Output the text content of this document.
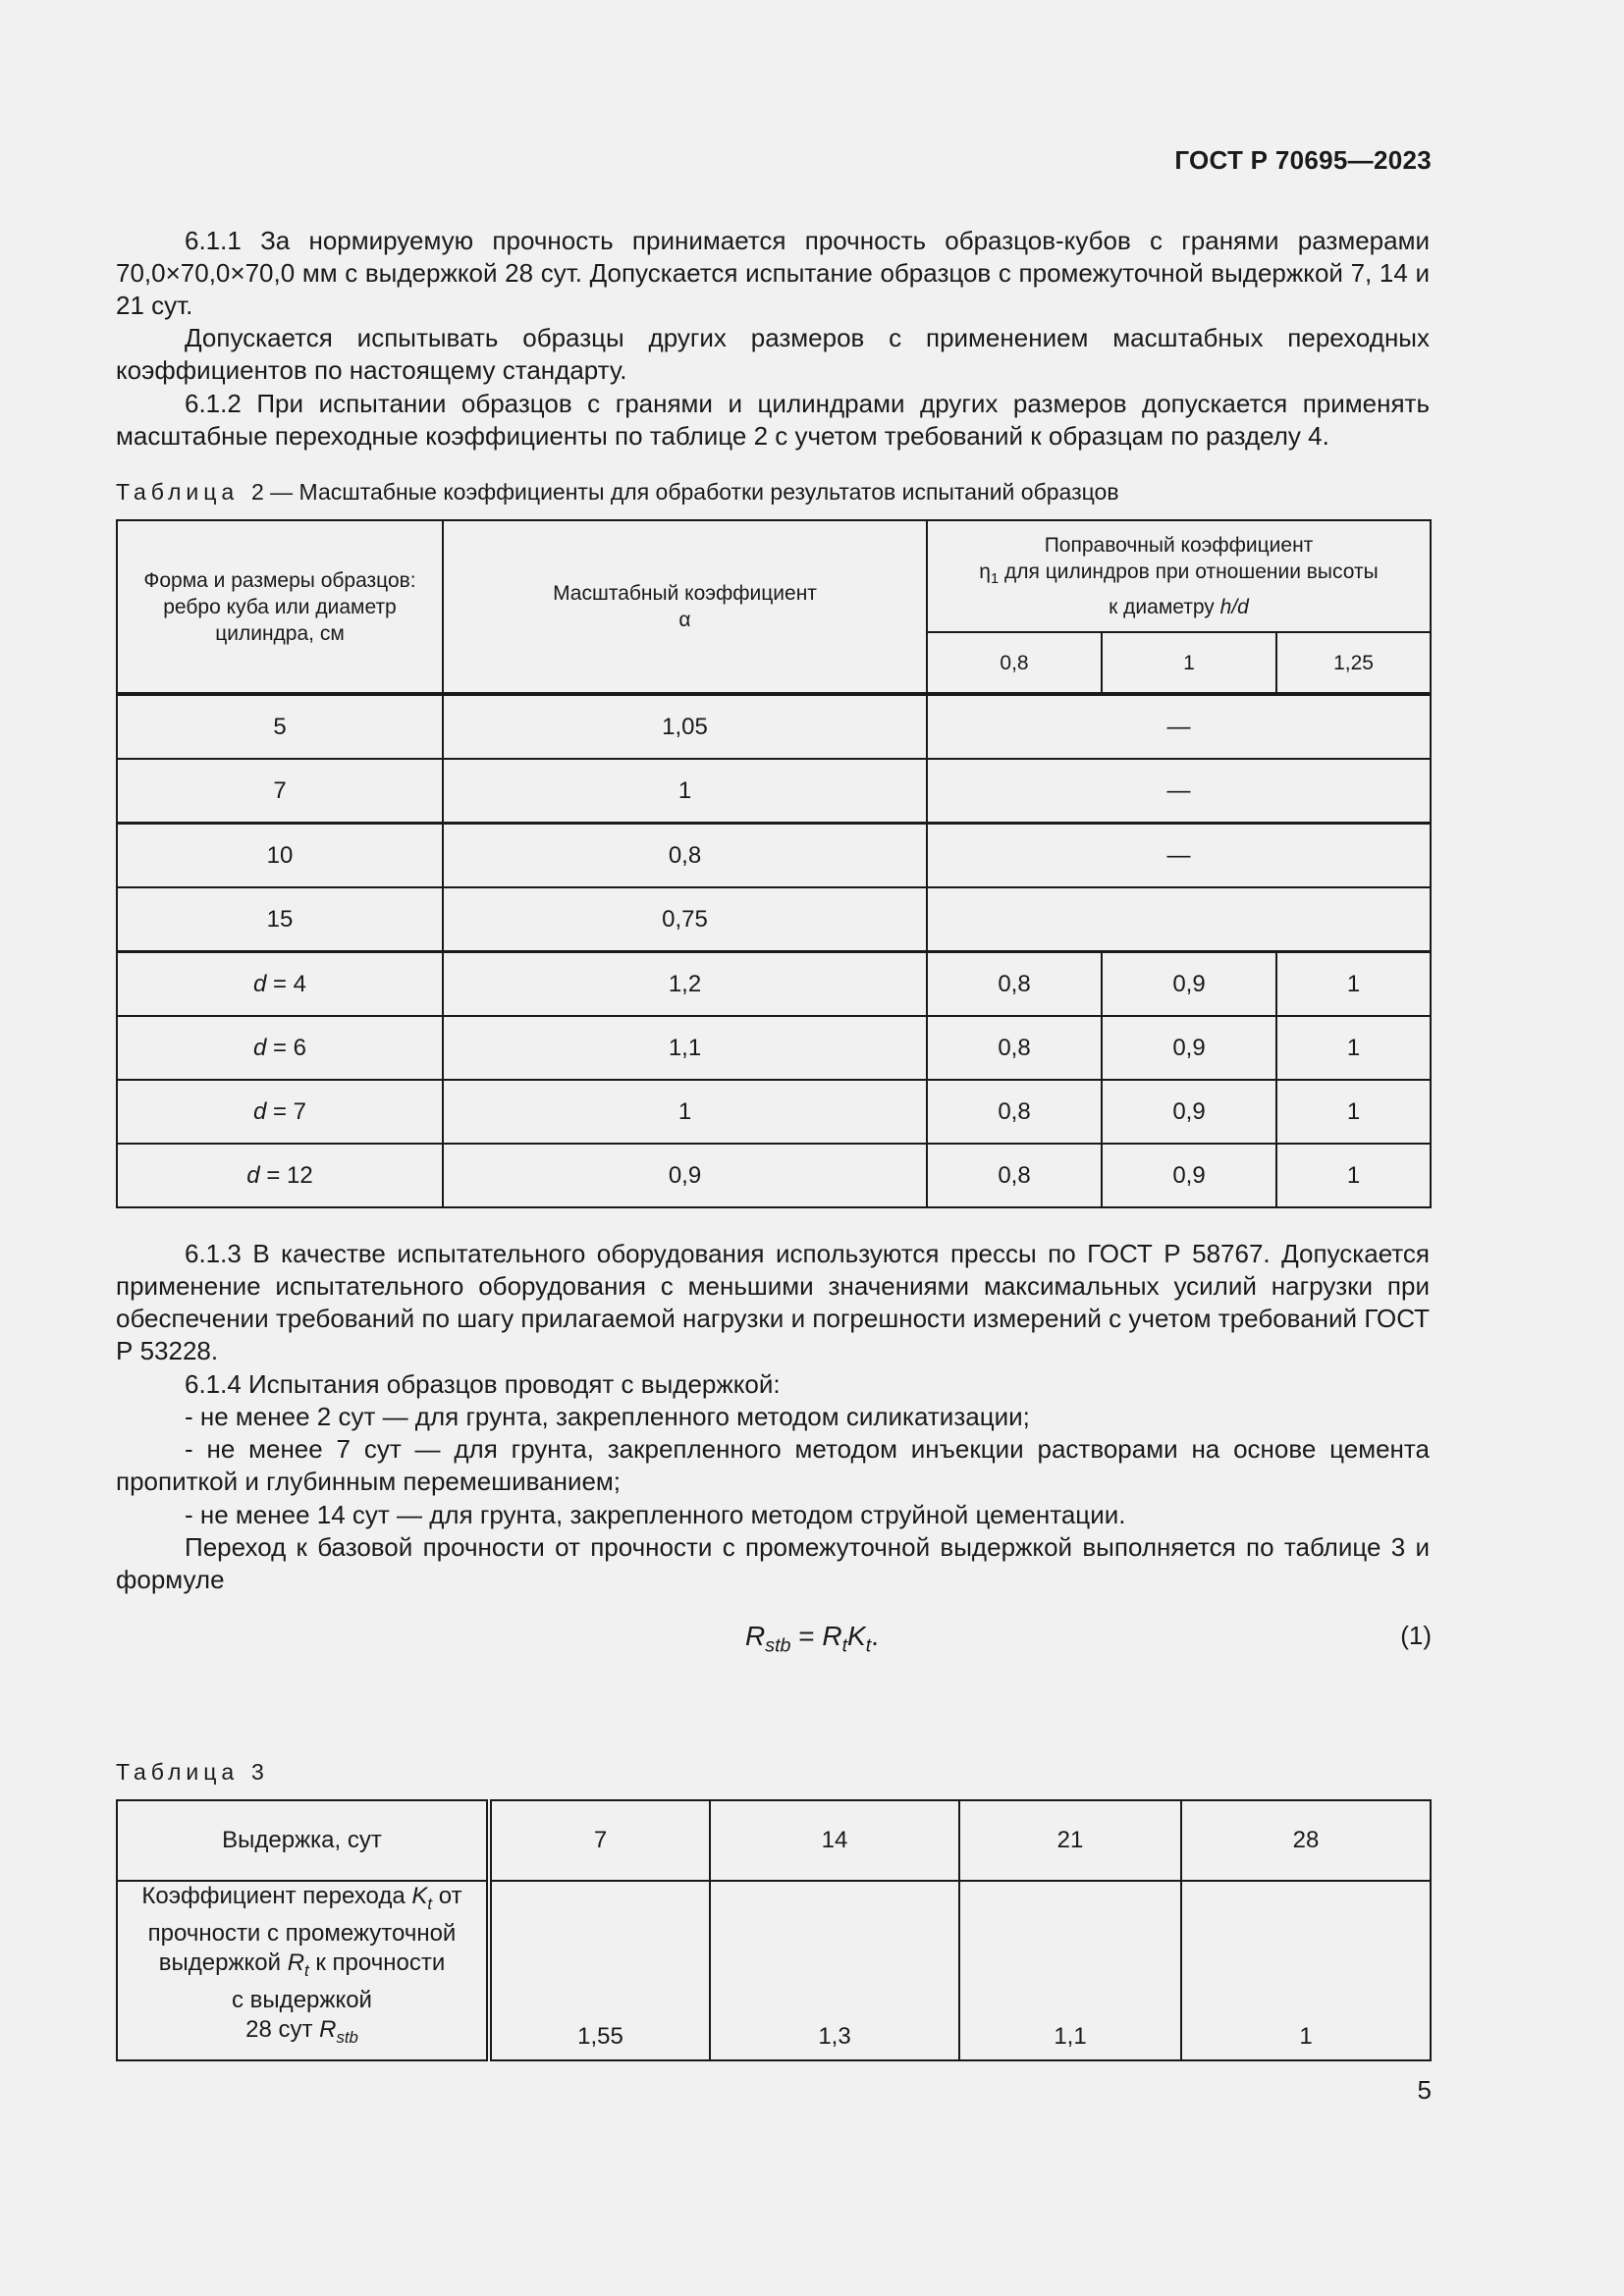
ГОСТ Р 70695—2023

6.1.1 За нормируемую прочность принимается прочность образцов-кубов с гранями размерами 70,0×70,0×70,0 мм с выдержкой 28 сут. Допускается испытание образцов с промежуточной выдержкой 7, 14 и 21 сут.

Допускается испытывать образцы других размеров с применением масштабных переходных коэффициентов по настоящему стандарту.

6.1.2 При испытании образцов с гранями и цилиндрами других размеров допускается применять масштабные переходные коэффициенты по таблице 2 с учетом требований к образцам по разделу 4.

Таблица 2 — Масштабные коэффициенты для обработки результатов испытаний образцов
Форма и размеры образцов: ребро куба или диаметр цилиндра, см	Масштабный коэффициент
α	Поправочный коэффициент
$\eta_1$ для цилиндров при отношении высоты
к диаметру h/d		
		0,8	1	1,25
5	1,05	—		
7	1	—		
10	0,8	—		
15	0,75			
d = 4	1,2	0,8	0,9	1
d = 6	1,1	0,8	0,9	1
d = 7	1	0,8	0,9	1
d = 12	0,9	0,8	0,9	1

6.1.3 В качестве испытательного оборудования используются прессы по ГОСТ Р 58767. Допускается применение испытательного оборудования с меньшими значениями максимальных усилий нагрузки при обеспечении требований по шагу прилагаемой нагрузки и погрешности измерений с учетом требований ГОСТ Р 53228.

6.1.4 Испытания образцов проводят с выдержкой:

- не менее 2 сут — для грунта, закрепленного методом силикатизации;

- не менее 7 сут — для грунта, закрепленного методом инъекции растворами на основе цемента пропиткой и глубинным перемешиванием;

- не менее 14 сут — для грунта, закрепленного методом струйной цементации.

Переход к базовой прочности от прочности с промежуточной выдержкой выполняется по таблице 3 и формуле

$R_{stb} = R_tK_t$.	(1)
Таблица 3
Выдержка, сут	7	14	21	28
Коэффициент перехода $K_t$ от
прочности с промежуточной
выдержкой $R_t$ к прочности
с выдержкой
28 сут $R_{stb}$	1,55	1,3	1,1	1
5
